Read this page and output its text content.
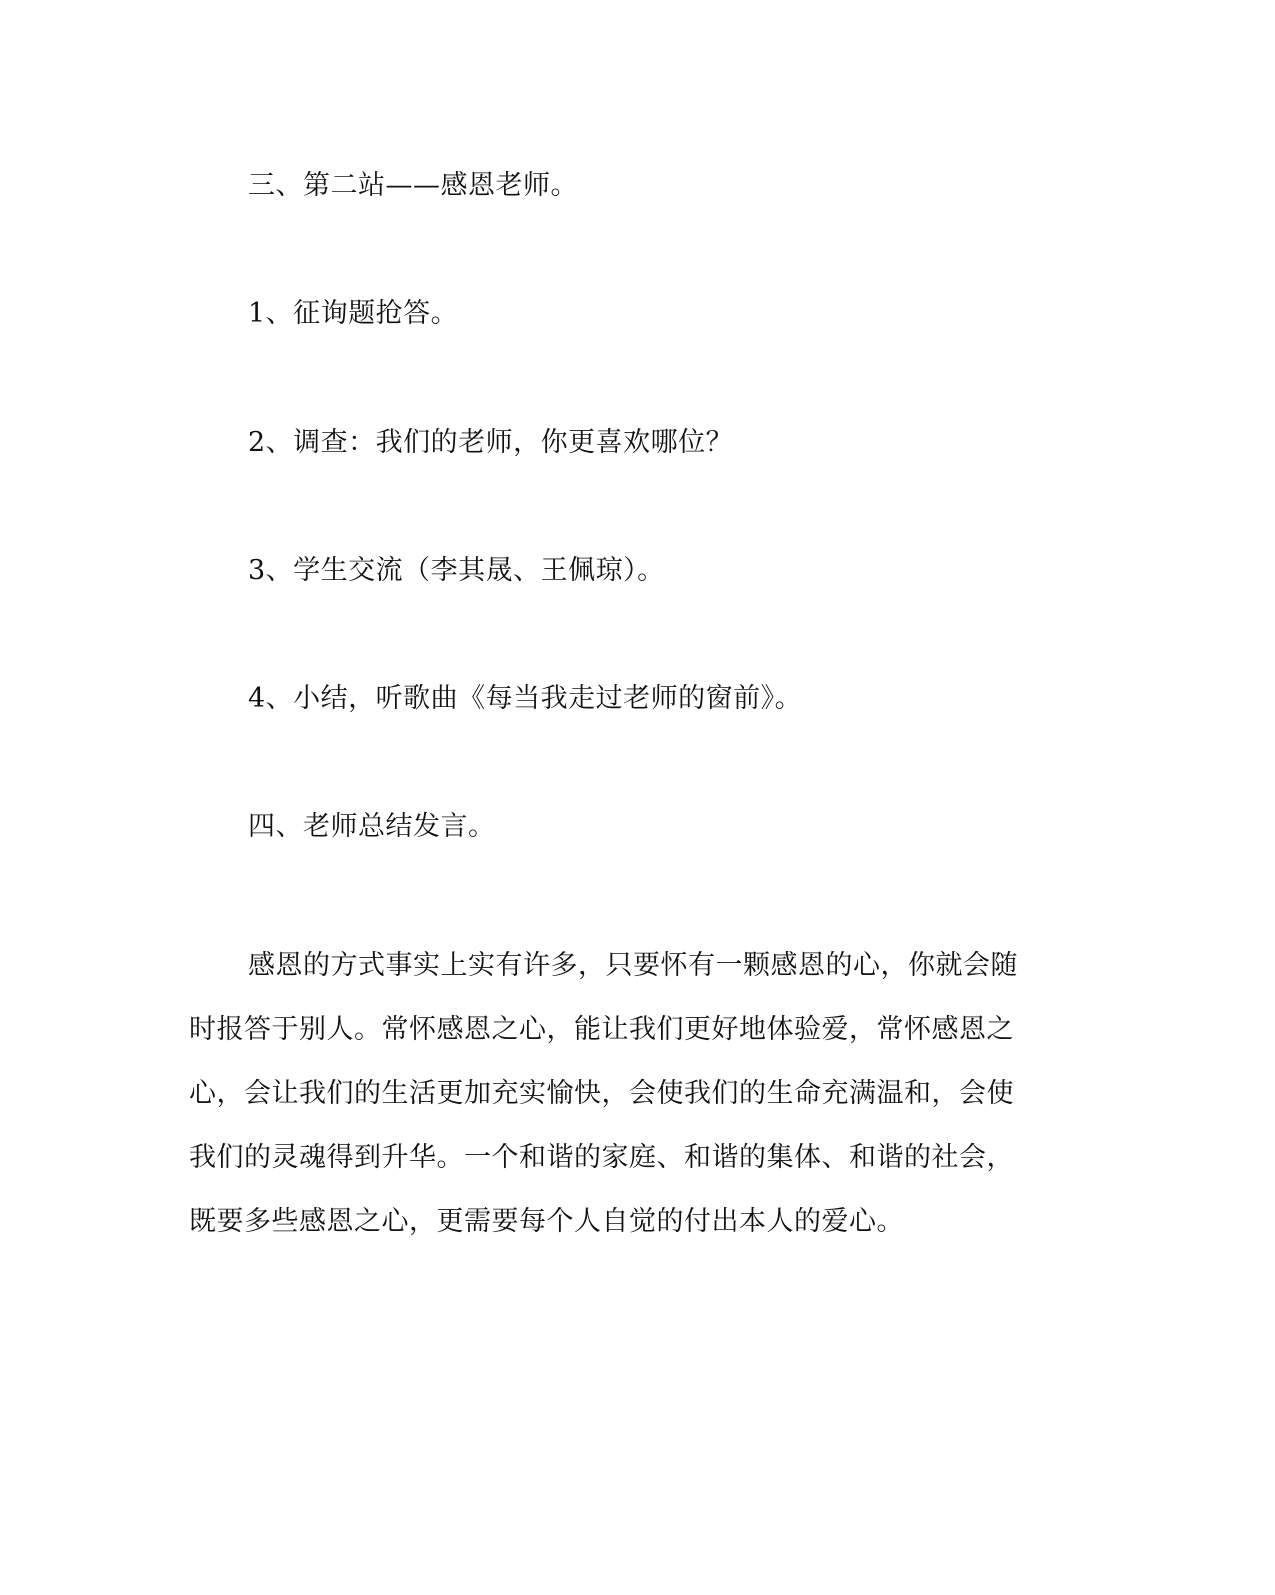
三、第二站——感恩老师。
1、征询题抢答。
2、调查：我们的老师，你更喜欢哪位？
3、学生交流（李其晟、王佩琼）。
4、小结，听歌曲《每当我走过老师的窗前》。
四、老师总结发言。
感恩的方式事实上实有许多，只要怀有一颗感恩的心，你就会随
时报答于别人。常怀感恩之心，能让我们更好地体验爱，常怀感恩之
心，会让我们的生活更加充实愉快，会使我们的生命充满温和，会使
我们的灵魂得到升华。一个和谐的家庭、和谐的集体、和谐的社会，
既要多些感恩之心，更需要每个人自觉的付出本人的爱心。
